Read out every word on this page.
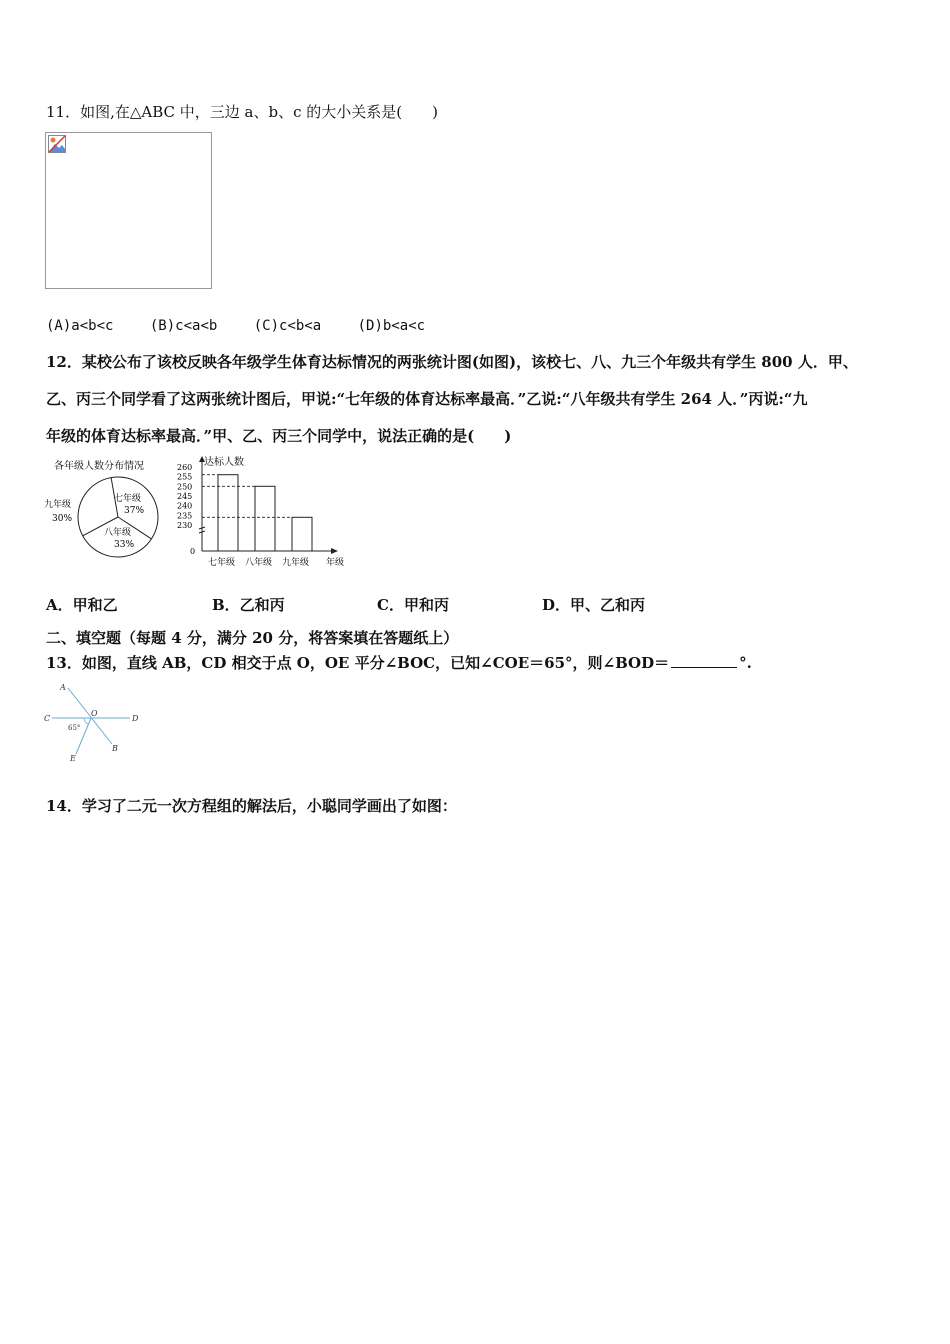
11．如图,在△ABC 中，三边 a、b、c 的大小关系是(　　)
(A)a<b<c	(B)c<a<b	(C)c<b<a	(D)b<a<c
12．某校公布了该校反映各年级学生体育达标情况的两张统计图(如图)，该校七、八、九三个年级共有学生 800 人．甲、
乙、丙三个同学看了这两张统计图后，甲说:“七年级的体育达标率最高．”乙说:“八年级共有学生 264 人．”丙说:“九
年级的体育达标率最高．”甲、乙、丙三个同学中，说法正确的是(　　)
各年级人数分布情况
七年级
37%
八年级
33%
九年级
30%
达标人数
260
255
250
245
240
235
230
0
七年级 八年级 九年级 年级
A．甲和乙	B．乙和丙	C．甲和丙	D．甲、乙和丙
二、填空题（每题 4 分，满分 20 分，将答案填在答题纸上）
13．如图，直线 AB，CD 相交于点 O，OE 平分∠BOC，已知∠COE＝65°，则∠BOD＝	°.
A
C
O
D
65°
B
E
14．学习了二元一次方程组的解法后，小聪同学画出了如图：
